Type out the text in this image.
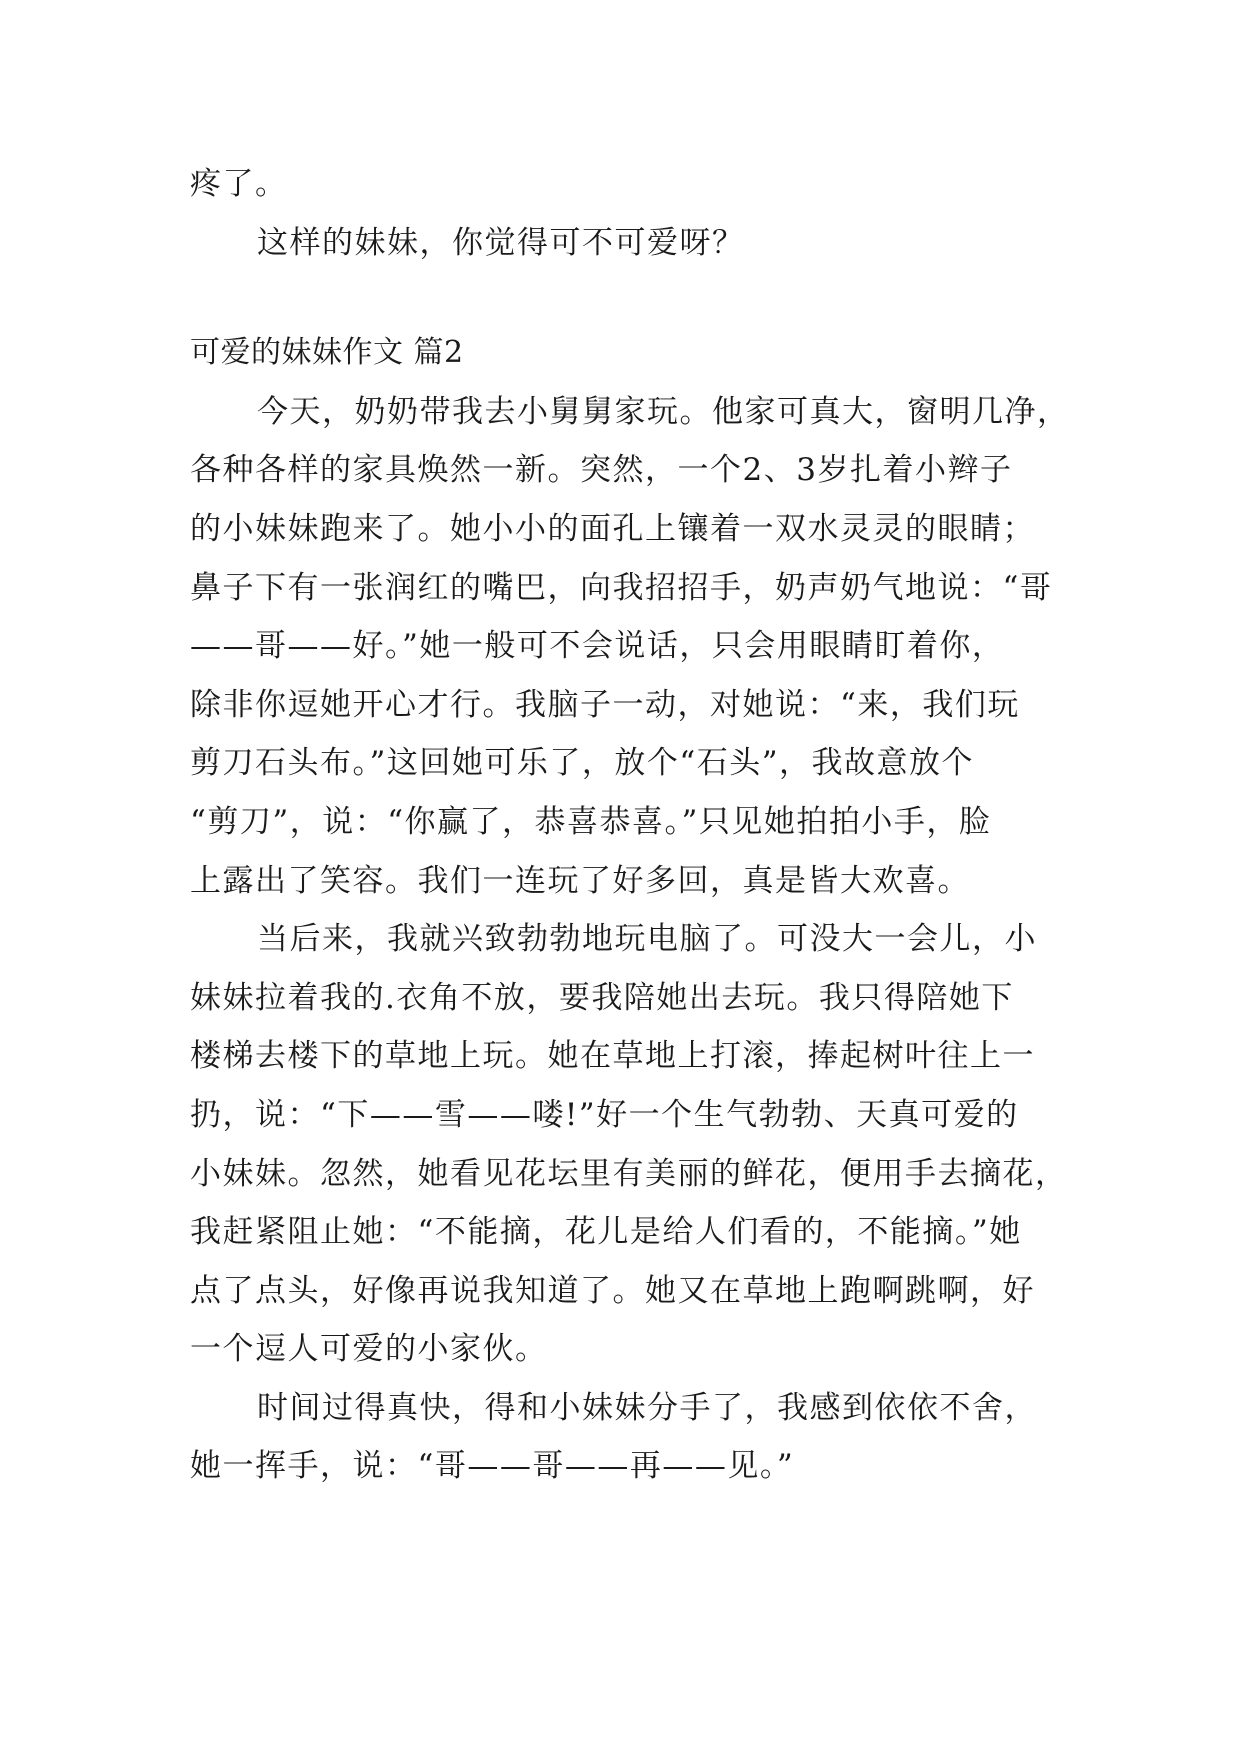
疼了。
这样的妹妹，你觉得可不可爱呀？
可爱的妹妹作文 篇2
今天，奶奶带我去小舅舅家玩。他家可真大，窗明几净，
各种各样的家具焕然一新。突然，一个2、3岁扎着小辫子
的小妹妹跑来了。她小小的面孔上镶着一双水灵灵的眼睛；
鼻子下有一张润红的嘴巴，向我招招手，奶声奶气地说：“哥
——哥——好。”她一般可不会说话，只会用眼睛盯着你，
除非你逗她开心才行。我脑子一动，对她说：“来，我们玩
剪刀石头布。”这回她可乐了，放个“石头”，我故意放个
“剪刀”，说：“你赢了，恭喜恭喜。”只见她拍拍小手，脸
上露出了笑容。我们一连玩了好多回，真是皆大欢喜。
当后来，我就兴致勃勃地玩电脑了。可没大一会儿，小
妹妹拉着我的.衣角不放，要我陪她出去玩。我只得陪她下
楼梯去楼下的草地上玩。她在草地上打滚，捧起树叶往上一
扔，说：“下——雪——喽!”好一个生气勃勃、天真可爱的
小妹妹。忽然，她看见花坛里有美丽的鲜花，便用手去摘花，
我赶紧阻止她：“不能摘，花儿是给人们看的，不能摘。”她
点了点头，好像再说我知道了。她又在草地上跑啊跳啊，好
一个逗人可爱的小家伙。
时间过得真快，得和小妹妹分手了，我感到依依不舍，
她一挥手，说：“哥——哥——再——见。”
